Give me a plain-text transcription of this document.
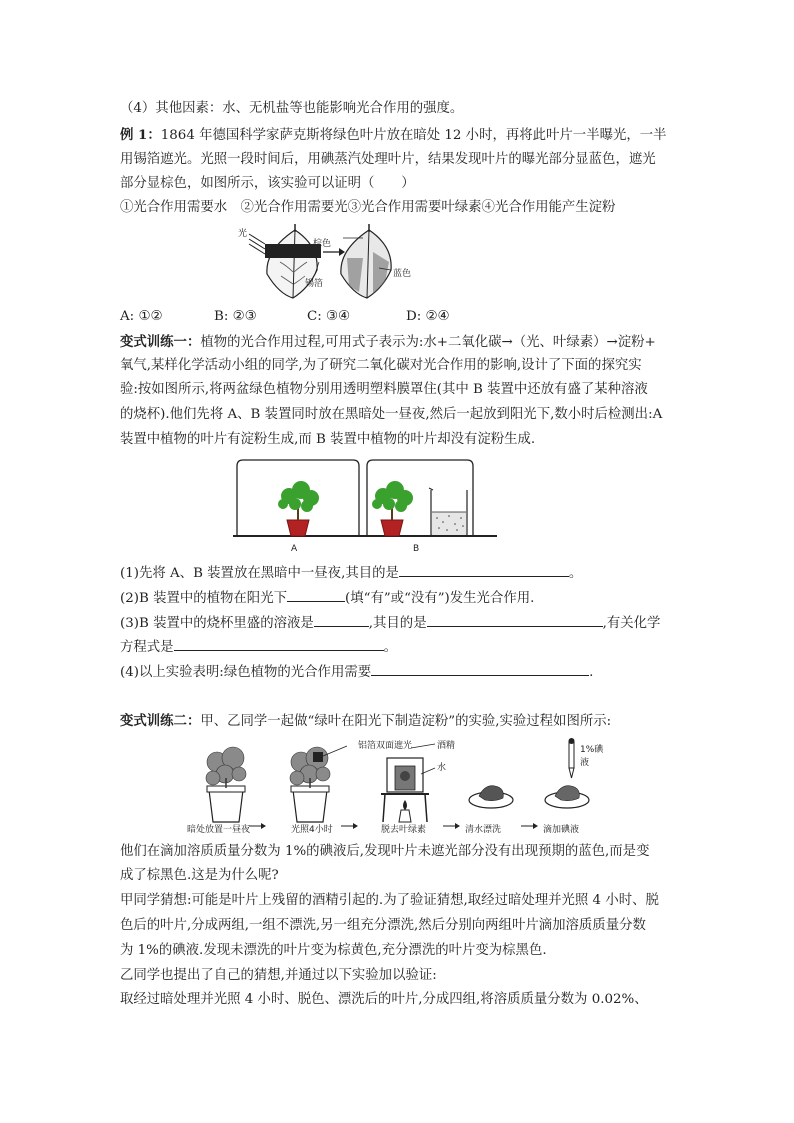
（4）其他因素：水、无机盐等也能影响光合作用的强度。
例 1：1864 年德国科学家萨克斯将绿色叶片放在暗处 12 小时，再将此叶片一半曝光，一半
用锡箔遮光。光照一段时间后，用碘蒸汽处理叶片，结果发现叶片的曝光部分显蓝色，遮光
部分显棕色，如图所示，该实验可以证明（　　）
①光合作用需要水　②光合作用需要光③光合作用需要叶绿素④光合作用能产生淀粉
光
棕色
蓝色
锡箔
A: ①②	B: ②③	C: ③④	D: ②④
变式训练一：植物的光合作用过程,可用式子表示为:水+二氧化碳→（光、叶绿素）→淀粉+
氧气,某样化学活动小组的同学,为了研究二氧化碳对光合作用的影响,设计了下面的探究实
验:按如图所示,将两盆绿色植物分别用透明塑料膜罩住(其中 B 装置中还放有盛了某种溶液
的烧杯).他们先将 A、B 装置同时放在黑暗处一昼夜,然后一起放到阳光下,数小时后检测出:A
装置中植物的叶片有淀粉生成,而 B 装置中植物的叶片却没有淀粉生成.
A	B
(1)先将 A、B 装置放在黑暗中一昼夜,其目的是	。
(2)B 装置中的植物在阳光下	(填“有”或“没有”)发生光合作用.
(3)B 装置中的烧杯里盛的溶液是	,其目的是	,有关化学
方程式是	。
(4)以上实验表明:绿色植物的光合作用需要	.
变式训练二：甲、乙同学一起做“绿叶在阳光下制造淀粉”的实验,实验过程如图所示:
铝箔双面遮光	酒精
水
1%碘液
暗处放置一昼夜	光照4小时	脱去叶绿素	清水漂洗	滴加碘液
他们在滴加溶质质量分数为 1%的碘液后,发现叶片未遮光部分没有出现预期的蓝色,而是变
成了棕黑色.这是为什么呢?
甲同学猜想:可能是叶片上残留的酒精引起的.为了验证猜想,取经过暗处理并光照 4 小时、脱
色后的叶片,分成两组,一组不漂洗,另一组充分漂洗,然后分别向两组叶片滴加溶质质量分数
为 1%的碘液.发现未漂洗的叶片变为棕黄色,充分漂洗的叶片变为棕黑色.
乙同学也提出了自己的猜想,并通过以下实验加以验证:
取经过暗处理并光照 4 小时、脱色、漂洗后的叶片,分成四组,将溶质质量分数为 0.02%、
